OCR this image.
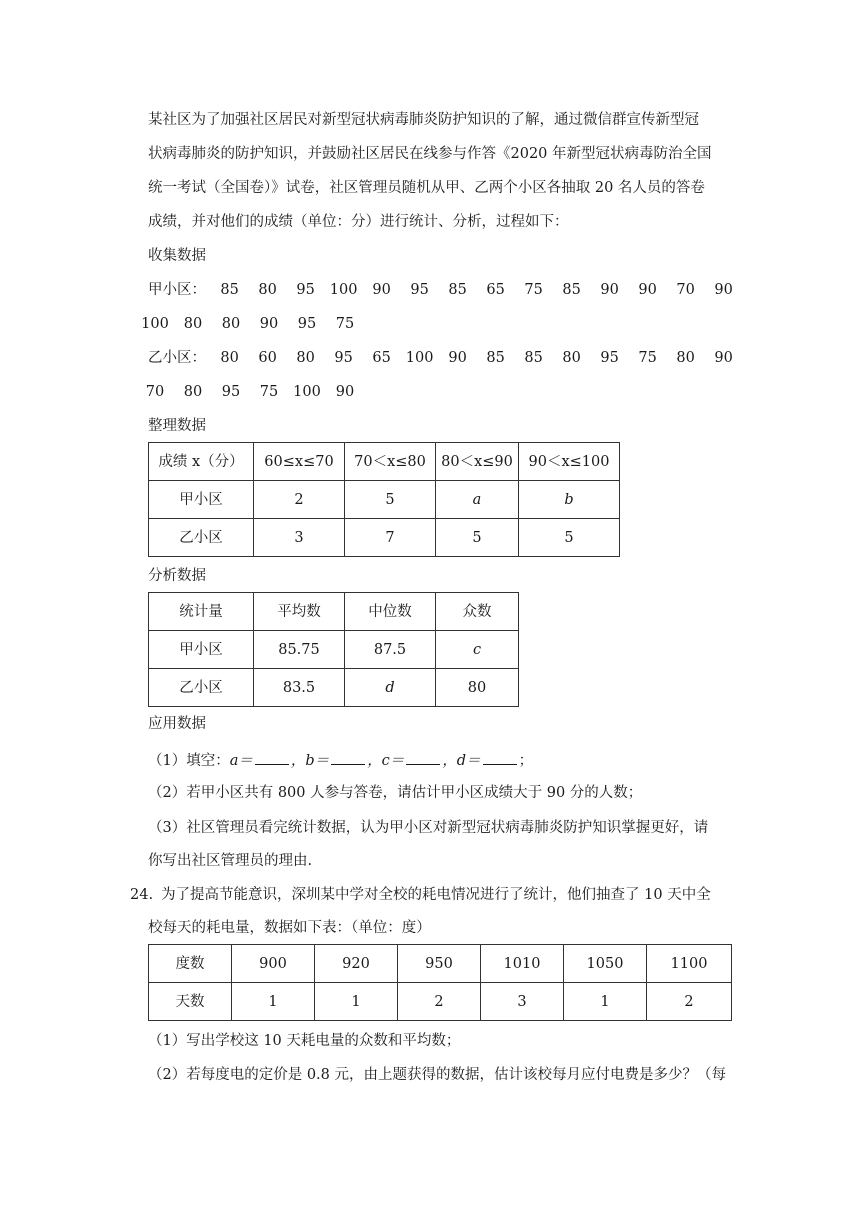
某社区为了加强社区居民对新型冠状病毒肺炎防护知识的了解，通过微信群宣传新型冠
状病毒肺炎的防护知识，并鼓励社区居民在线参与作答《2020 年新型冠状病毒防治全国
统一考试（全国卷）》试卷，社区管理员随机从甲、乙两个小区各抽取 20 名人员的答卷
成绩，并对他们的成绩（单位：分）进行统计、分析，过程如下：
收集数据
甲小区： 85 80 95 100 90 95 85 65 75 85 90 90 70 90
100 80 80 90 95 75
乙小区： 80 60 80 95 65 100 90 85 85 80 95 75 80 90
70 80 95 75 100 90
整理数据
成绩 x（分）	60≤x≤70	70＜x≤80	80＜x≤90	90＜x≤100
甲小区	2	5	a	b
乙小区	3	7	5	5
分析数据
统计量	平均数	中位数	众数
甲小区	85.75	87.5	c
乙小区	83.5	d	80
应用数据
（1）填空：a＝	，b＝	，c＝	，d＝	；
（2）若甲小区共有 800 人参与答卷，请估计甲小区成绩大于 90 分的人数；
（3）社区管理员看完统计数据，认为甲小区对新型冠状病毒肺炎防护知识掌握更好，请
你写出社区管理员的理由.
24. 为了提高节能意识，深圳某中学对全校的耗电情况进行了统计，他们抽查了 10 天中全
校每天的耗电量，数据如下表：（单位：度）
度数	900	920	950	1010	1050	1100
天数	1	1	2	3	1	2
（1）写出学校这 10 天耗电量的众数和平均数；
（2）若每度电的定价是 0.8 元，由上题获得的数据，估计该校每月应付电费是多少？（每
